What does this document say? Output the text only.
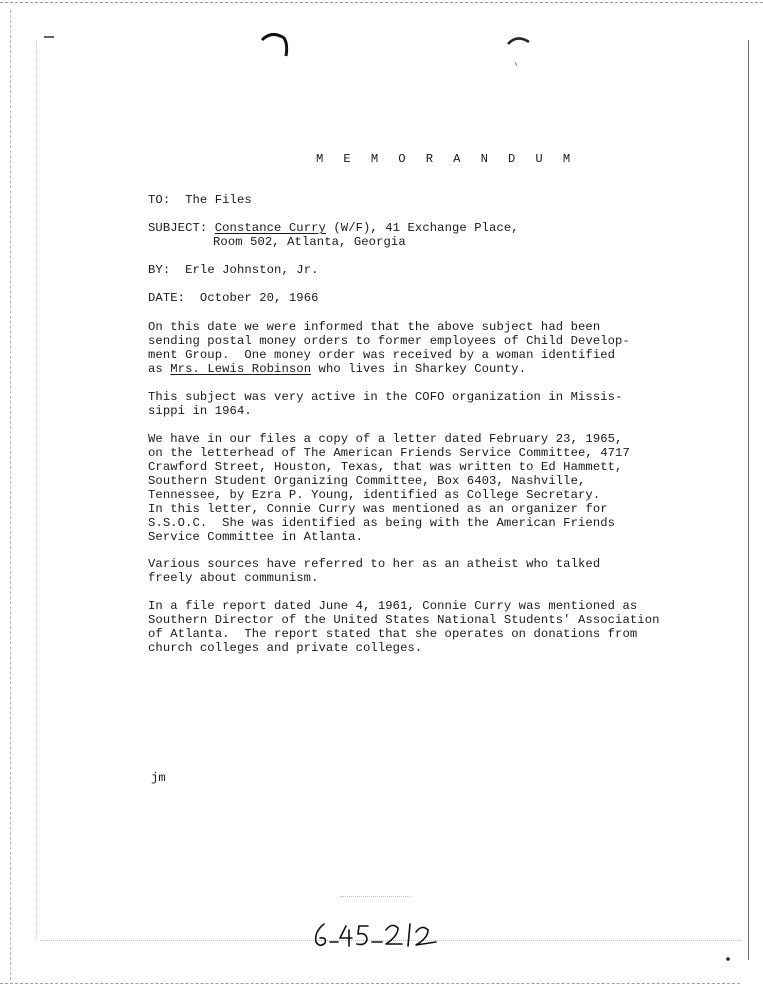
M E M O R A N D U M
TO: The Files
SUBJECT: Constance Curry (W/F), 41 Exchange Place,
Room 502, Atlanta, Georgia
BY: Erle Johnston, Jr.
DATE: October 20, 1966
On this date we were informed that the above subject had been
sending postal money orders to former employees of Child Develop-
ment Group.  One money order was received by a woman identified
as Mrs. Lewis Robinson who lives in Sharkey County.
This subject was very active in the COFO organization in Missis-
sippi in 1964.
We have in our files a copy of a letter dated February 23, 1965,
on the letterhead of The American Friends Service Committee, 4717
Crawford Street, Houston, Texas, that was written to Ed Hammett,
Southern Student Organizing Committee, Box 6403, Nashville,
Tennessee, by Ezra P. Young, identified as College Secretary.
In this letter, Connie Curry was mentioned as an organizer for
S.S.O.C.  She was identified as being with the American Friends
Service Committee in Atlanta.
Various sources have referred to her as an atheist who talked
freely about communism.
In a file report dated June 4, 1961, Connie Curry was mentioned as
Southern Director of the United States National Students' Association
of Atlanta.  The report stated that she operates on donations from
church colleges and private colleges.
jm
